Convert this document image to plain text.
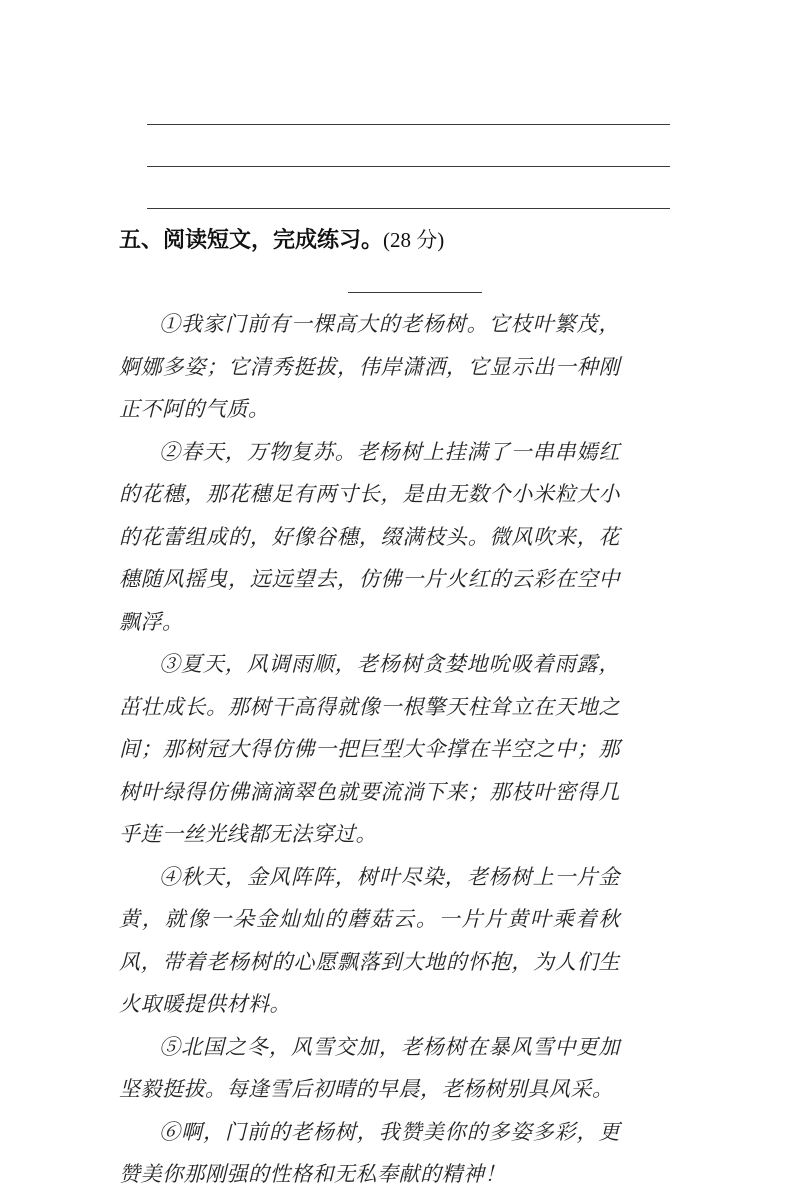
五、阅读短文，完成练习。(28 分)

①我家门前有一棵高大的老杨树。它枝叶繁茂，婀娜多姿；它清秀挺拔，伟岸潇洒，它显示出一种刚正不阿的气质。

②春天，万物复苏。老杨树上挂满了一串串嫣红的花穗，那花穗足有两寸长，是由无数个小米粒大小的花蕾组成的，好像谷穗，缀满枝头。微风吹来，花穗随风摇曳，远远望去，仿佛一片火红的云彩在空中飘浮。

③夏天，风调雨顺，老杨树贪婪地吮吸着雨露，茁壮成长。那树干高得就像一根擎天柱耸立在天地之间；那树冠大得仿佛一把巨型大伞撑在半空之中；那树叶绿得仿佛滴滴翠色就要流淌下来；那枝叶密得几乎连一丝光线都无法穿过。

④秋天，金风阵阵，树叶尽染，老杨树上一片金黄，就像一朵金灿灿的蘑菇云。一片片黄叶乘着秋风，带着老杨树的心愿飘落到大地的怀抱，为人们生火取暖提供材料。

⑤北国之冬，风雪交加，老杨树在暴风雪中更加坚毅挺拔。每逢雪后初晴的早晨，老杨树别具风采。

⑥啊，门前的老杨树，我赞美你的多姿多彩，更赞美你那刚强的性格和无私奉献的精神！
